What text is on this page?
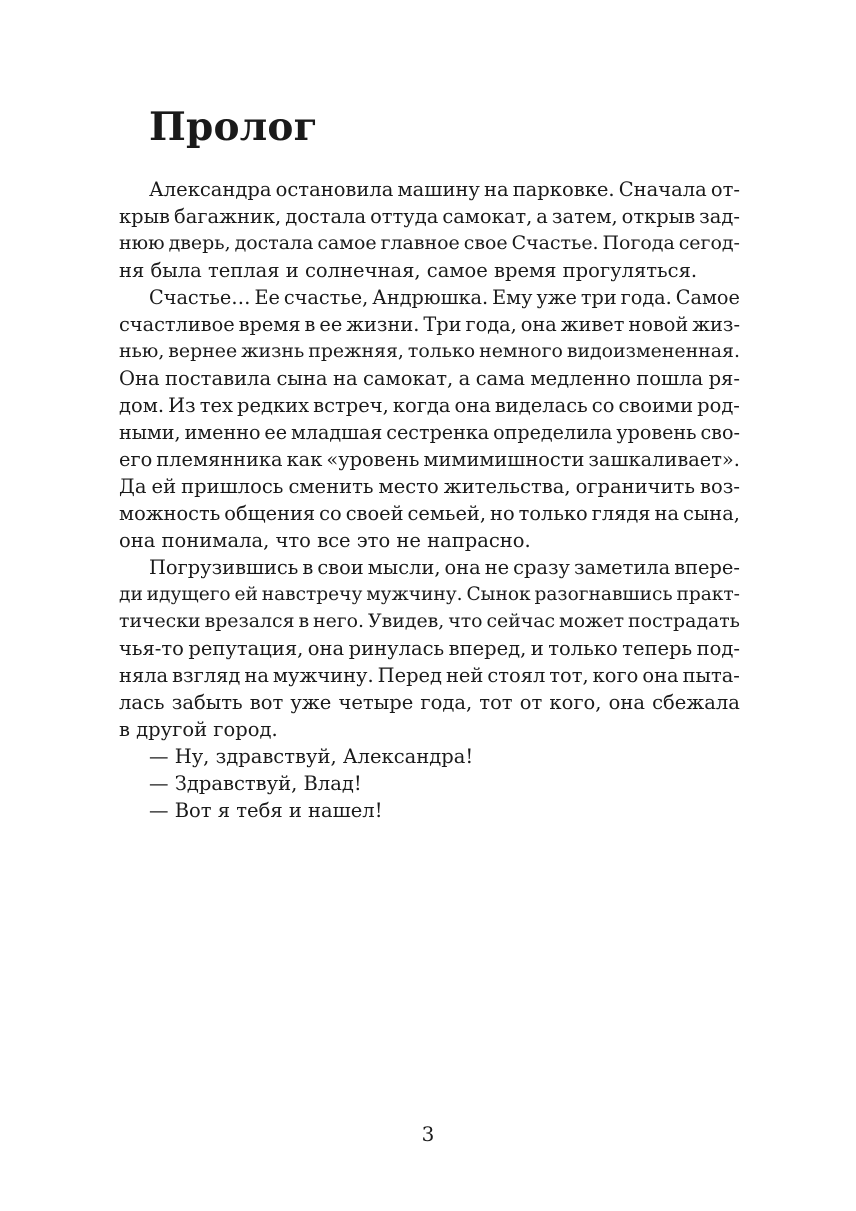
Пролог
Александра остановила машину на парковке. Сначала от-
крыв багажник, достала оттуда самокат, а затем, открыв зад-
нюю дверь, достала самое главное свое Счастье. Погода сегод-
ня была теплая и солнечная, самое время прогуляться.
Счастье… Ее счастье, Андрюшка. Ему уже три года. Самое
счастливое время в ее жизни. Три года, она живет новой жиз-
нью, вернее жизнь прежняя, только немного видоизмененная.
Она поставила сына на самокат, а сама медленно пошла ря-
дом. Из тех редких встреч, когда она виделась со своими род-
ными, именно ее младшая сестренка определила уровень сво-
его племянника как «уровень мимимишности зашкаливает».
Да ей пришлось сменить место жительства, ограничить воз-
можность общения со своей семьей, но только глядя на сына,
она понимала, что все это не напрасно.
Погрузившись в свои мысли, она не сразу заметила впере-
ди идущего ей навстречу мужчину. Сынок разогнавшись практ-
тически врезался в него. Увидев, что сейчас может пострадать
чья-то репутация, она ринулась вперед, и только теперь под-
няла взгляд на мужчину. Перед ней стоял тот, кого она пыта-
лась забыть вот уже четыре года, тот от кого, она сбежала
в другой город.
— Ну, здравствуй, Александра!
— Здравствуй, Влад!
— Вот я тебя и нашел!
3
